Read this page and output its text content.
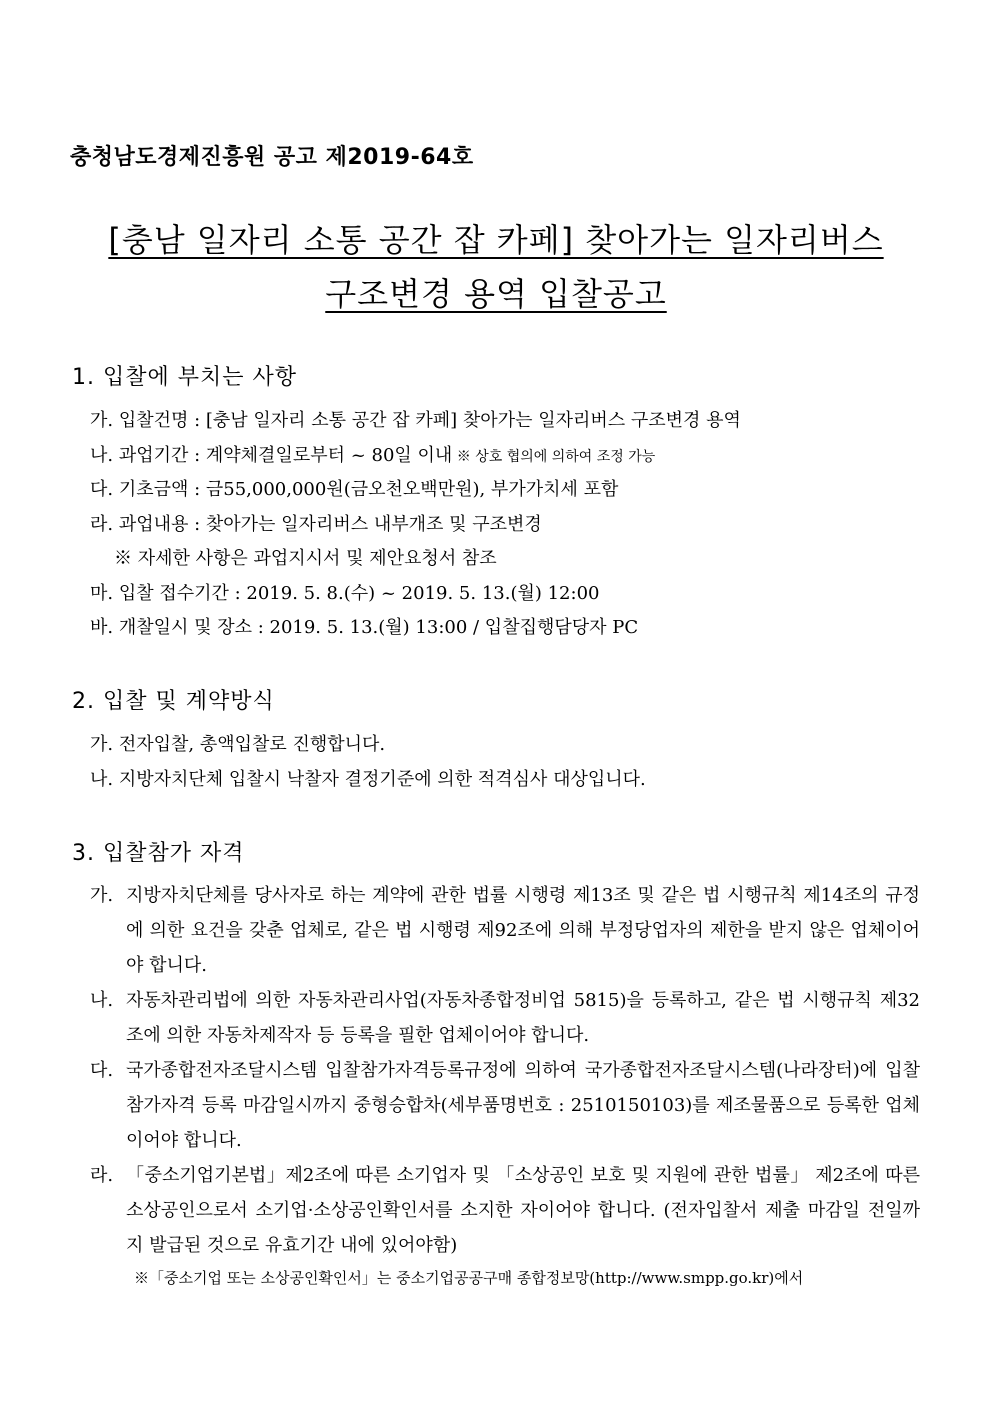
충청남도경제진흥원 공고 제2019-64호
[충남 일자리 소통 공간 잡 카페] 찾아가는 일자리버스
구조변경 용역 입찰공고
1. 입찰에 부치는 사항
가. 입찰건명 : [충남 일자리 소통 공간 잡 카페] 찾아가는 일자리버스 구조변경 용역
나. 과업기간 : 계약체결일로부터 ~ 80일 이내 ※ 상호 협의에 의하여 조정 가능
다. 기초금액 : 금55,000,000원(금오천오백만원), 부가가치세 포함
라. 과업내용 : 찾아가는 일자리버스 내부개조 및 구조변경
※ 자세한 사항은 과업지시서 및 제안요청서 참조
마. 입찰 접수기간 : 2019. 5. 8.(수) ~ 2019. 5. 13.(월) 12:00
바. 개찰일시 및 장소 : 2019. 5. 13.(월) 13:00 / 입찰집행담당자 PC
2. 입찰 및 계약방식
가. 전자입찰, 총액입찰로 진행합니다.
나. 지방자치단체 입찰시 낙찰자 결정기준에 의한 적격심사 대상입니다.
3. 입찰참가 자격
가. 지방자치단체를 당사자로 하는 계약에 관한 법률 시행령 제13조 및 같은 법 시행규칙 제14조의 규정에 의한 요건을 갖춘 업체로, 같은 법 시행령 제92조에 의해 부정당업자의 제한을 받지 않은 업체이어야 합니다.
나. 자동차관리법에 의한 자동차관리사업(자동차종합정비업 5815)을 등록하고, 같은 법 시행규칙 제32조에 의한 자동차제작자 등 등록을 필한 업체이어야 합니다.
다. 국가종합전자조달시스템 입찰참가자격등록규정에 의하여 국가종합전자조달시스템(나라장터)에 입찰참가자격 등록 마감일시까지 중형승합차(세부품명번호 : 2510150103)를 제조물품으로 등록한 업체이어야 합니다.
라. 「중소기업기본법」제2조에 따른 소기업자 및 「소상공인 보호 및 지원에 관한 법률」 제2조에 따른 소상공인으로서 소기업·소상공인확인서를 소지한 자이어야 합니다. (전자입찰서 제출 마감일 전일까지 발급된 것으로 유효기간 내에 있어야함)
※「중소기업 또는 소상공인확인서」는 중소기업공공구매 종합정보망(http://www.smpp.go.kr)에서
